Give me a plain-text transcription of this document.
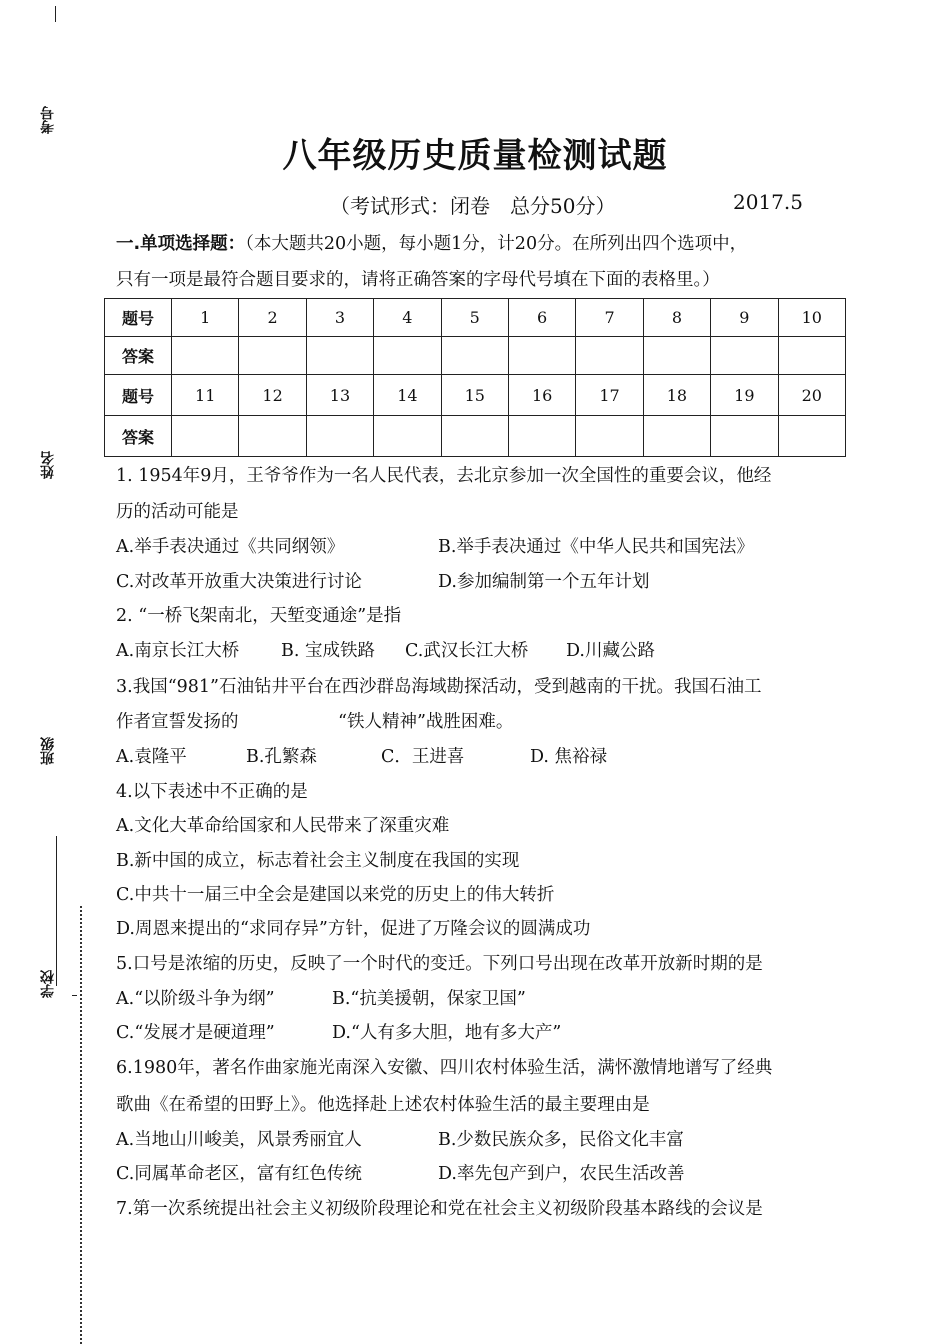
考号
姓名
班级
学校
八年级历史质量检测试题
（考试形式：闭卷　总分50分）	2017.5
一.单项选择题：（本大题共20小题，每小题1分，计20分。在所列出四个选项中，
只有一项是最符合题目要求的，请将正确答案的字母代号填在下面的表格里。）
题号	1	2	3	4	5	6	7	8	9	10
答案										
题号	11	12	13	14	15	16	17	18	19	20
答案										
1. 1954年9月，王爷爷作为一名人民代表，去北京参加一次全国性的重要会议，他经
历的活动可能是
A.举手表决通过《共同纲领》	B.举手表决通过《中华人民共和国宪法》
C.对改革开放重大决策进行讨论	D.参加编制第一个五年计划
2. “一桥飞架南北，天堑变通途”是指
A.南京长江大桥 B. 宝成铁路 C.武汉长江大桥 D.川藏公路
3.我国“981”石油钻井平台在西沙群岛海域勘探活动，受到越南的干扰。我国石油工
作者宣誓发扬的	“铁人精神”战胜困难。
A.袁隆平	B.孔繁森	C．王进喜	D. 焦裕禄
4.以下表述中不正确的是
A.文化大革命给国家和人民带来了深重灾难
B.新中国的成立，标志着社会主义制度在我国的实现
C.中共十一届三中全会是建国以来党的历史上的伟大转折
D.周恩来提出的“求同存异”方针，促进了万隆会议的圆满成功
5.口号是浓缩的历史，反映了一个时代的变迁。下列口号出现在改革开放新时期的是
A.“以阶级斗争为纲”	B.“抗美援朝，保家卫国”
C.“发展才是硬道理”	D.“人有多大胆，地有多大产”
6.1980年，著名作曲家施光南深入安徽、四川农村体验生活，满怀激情地谱写了经典
歌曲《在希望的田野上》。他选择赴上述农村体验生活的最主要理由是
A.当地山川峻美，风景秀丽宜人	B.少数民族众多，民俗文化丰富
C.同属革命老区，富有红色传统	D.率先包产到户，农民生活改善
7.第一次系统提出社会主义初级阶段理论和党在社会主义初级阶段基本路线的会议是
